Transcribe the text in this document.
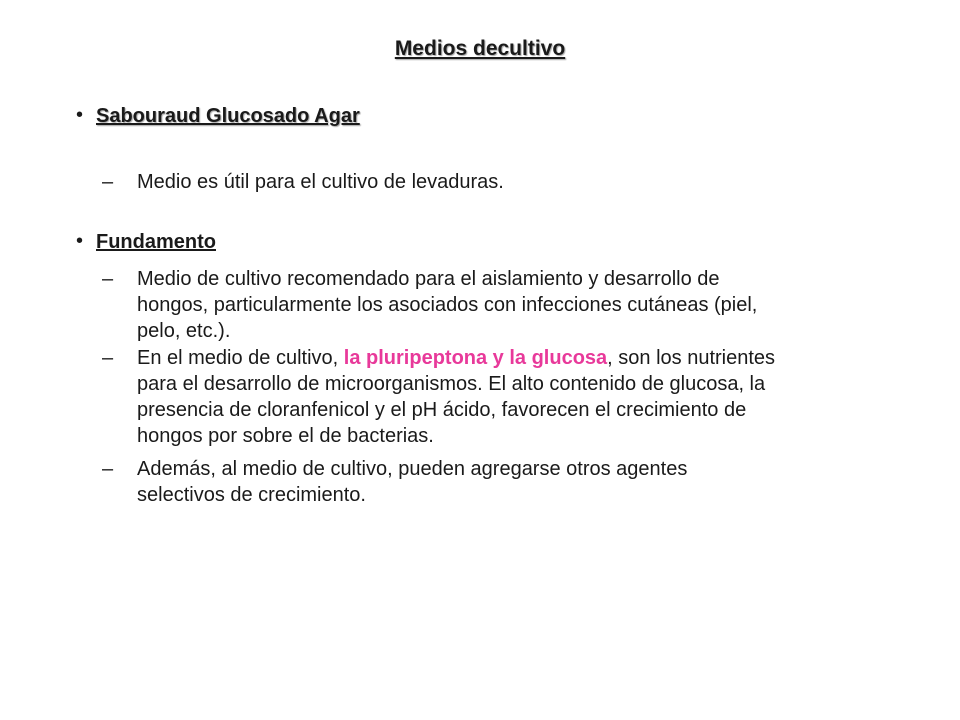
Medios decultivo
• Sabouraud Glucosado Agar
– Medio es útil para el cultivo de levaduras.
• Fundamento
– Medio de cultivo recomendado para el aislamiento y desarrollo de
hongos, particularmente los asociados con infecciones cutáneas (piel,
pelo, etc.).
– En el medio de cultivo, la pluripeptona y la glucosa, son los nutrientes
para el desarrollo de microorganismos. El alto contenido de glucosa, la
presencia de cloranfenicol y el pH ácido, favorecen el crecimiento de
hongos por sobre el de bacterias.
– Además, al medio de cultivo, pueden agregarse otros agentes
selectivos de crecimiento.
